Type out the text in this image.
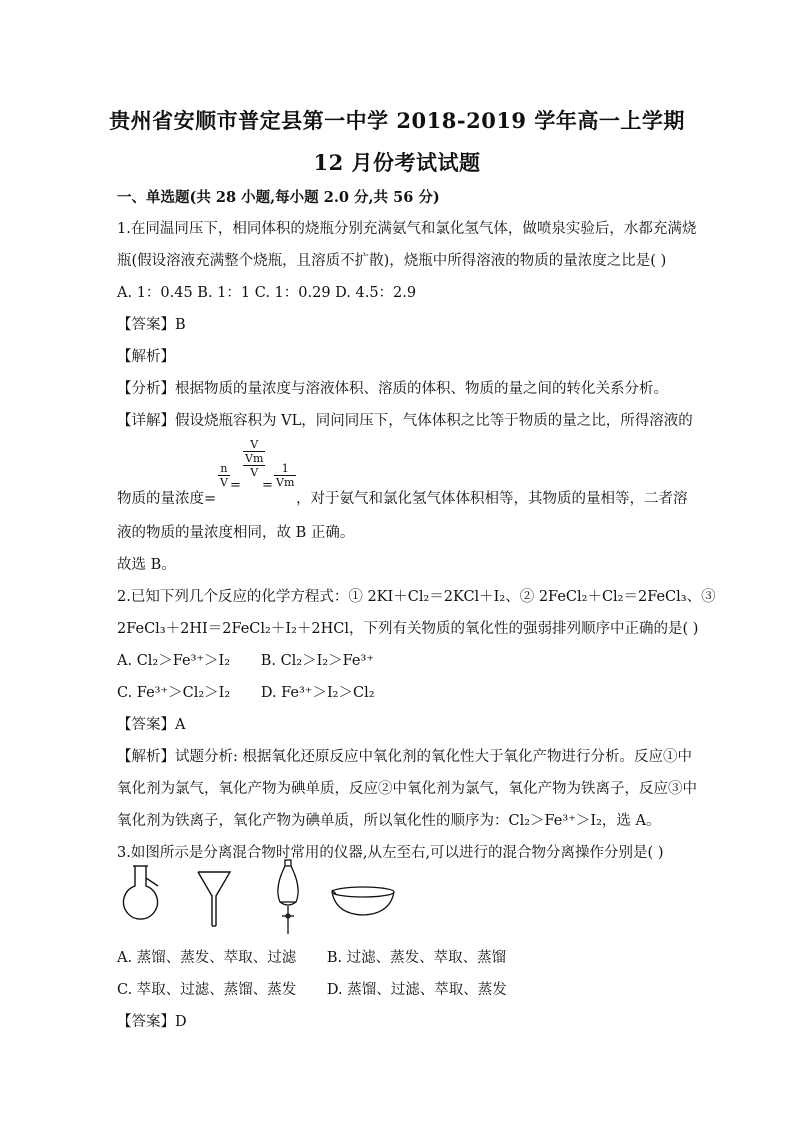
贵州省安顺市普定县第一中学 2018-2019 学年高一上学期
12 月份考试试题
一、单选题(共 28 小题,每小题 2.0 分,共 56 分)
1.在同温同压下，相同体积的烧瓶分别充满氨气和氯化氢气体，做喷泉实验后，水都充满烧
瓶(假设溶液充满整个烧瓶，且溶质不扩散)，烧瓶中所得溶液的物质的量浓度之比是( )
A. 1：0.45 B. 1：1 C. 1：0.29 D. 4.5：2.9
【答案】B
【解析】
【分析】根据物质的量浓度与溶液体积、溶质的体积、物质的量之间的转化关系分析。
【详解】假设烧瓶容积为 VL，同问同压下，气体体积之比等于物质的量之比，所得溶液的
物质的量浓度=
$\frac{n}{V}$ =
V
Vm
V
= $\frac{1}{Vm}$
，对于氨气和氯化氢气体体积相等，其物质的量相等，二者溶
液的物质的量浓度相同，故 B 正确。
故选 B。
2.已知下列几个反应的化学方程式：① 2KI＋Cl₂＝2KCl＋I₂、② 2FeCl₂＋Cl₂＝2FeCl₃、③
2FeCl₃＋2HI＝2FeCl₂＋I₂＋2HCl，下列有关物质的氧化性的强弱排列顺序中正确的是( )
A. Cl₂＞Fe³⁺＞I₂ B. Cl₂＞I₂＞Fe³⁺
C. Fe³⁺＞Cl₂＞I₂ D. Fe³⁺＞I₂＞Cl₂
【答案】A
【解析】试题分析: 根据氧化还原反应中氧化剂的氧化性大于氧化产物进行分析。反应①中
氧化剂为氯气，氧化产物为碘单质，反应②中氧化剂为氯气，氧化产物为铁离子，反应③中
氧化剂为铁离子，氧化产物为碘单质，所以氧化性的顺序为：Cl₂＞Fe³⁺＞I₂，选 A。
3.如图所示是分离混合物时常用的仪器,从左至右,可以进行的混合物分离操作分别是( )
A. 蒸馏、蒸发、萃取、过滤 B. 过滤、蒸发、萃取、蒸馏
C. 萃取、过滤、蒸馏、蒸发 D. 蒸馏、过滤、萃取、蒸发
【答案】D
